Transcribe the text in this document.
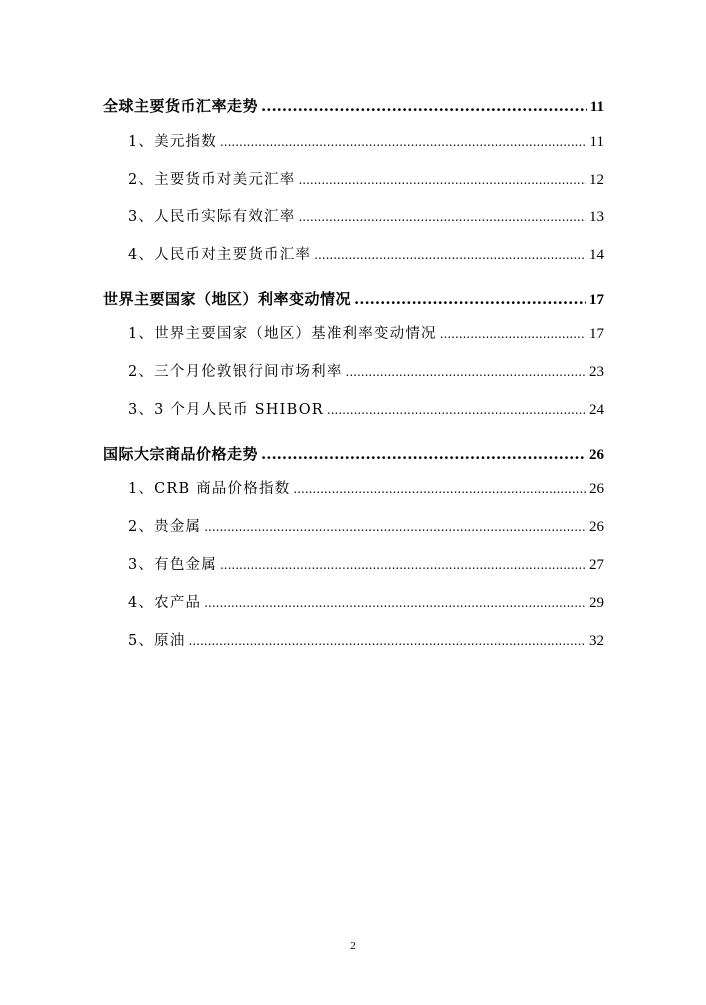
全球主要货币汇率走势 .....	11
1、美元指数 .....	11
2、主要货币对美元汇率 .....	12
3、人民币实际有效汇率 .....	13
4、人民币对主要货币汇率 .....	14
世界主要国家（地区）利率变动情况 .....	17
1、世界主要国家（地区）基准利率变动情况 .....	17
2、三个月伦敦银行间市场利率 .....	23
3、3 个月人民币 SHIBOR .....	24
国际大宗商品价格走势 .....	26
1、CRB 商品价格指数 .....	26
2、贵金属 .....	26
3、有色金属 .....	27
4、农产品 .....	29
5、原油 .....	32
2
